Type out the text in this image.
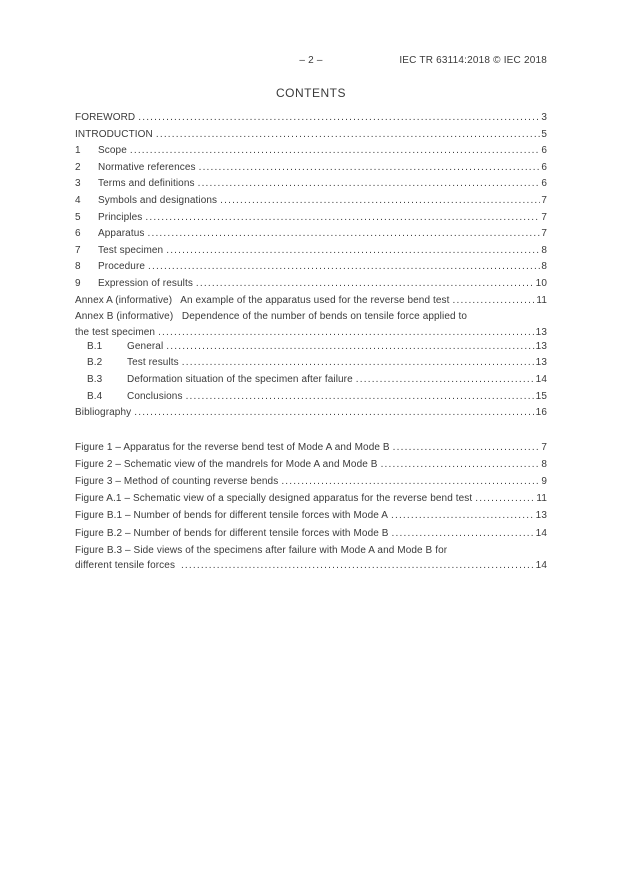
– 2 –	IEC TR 63114:2018 © IEC 2018
CONTENTS
FOREWORD .....	3
INTRODUCTION .....	5
1	Scope .....	6
2	Normative references .....	6
3	Terms and definitions .....	6
4	Symbols and designations .....	7
5	Principles .....	7
6	Apparatus .....	7
7	Test specimen .....	8
8	Procedure .....	8
9	Expression of results .....	10
Annex A (informative)   An example of the apparatus used for the reverse bend test .....	11
Annex B (informative)   Dependence of the number of bends on tensile force applied to
the test specimen .....	13
B.1	General .....	13
B.2	Test results .....	13
B.3	Deformation situation of the specimen after failure .....	14
B.4	Conclusions .....	15
Bibliography .....	16
Figure 1 – Apparatus for the reverse bend test of Mode A and Mode B .....	7
Figure 2 – Schematic view of the mandrels for Mode A and Mode B .....	8
Figure 3 – Method of counting reverse bends .....	9
Figure A.1 – Schematic view of a specially designed apparatus for the reverse bend test .....	11
Figure B.1 – Number of bends for different tensile forces with Mode A .....	13
Figure B.2 – Number of bends for different tensile forces with Mode B .....	14
Figure B.3 – Side views of the specimens after failure with Mode A and Mode B for
different tensile forces .....	14
